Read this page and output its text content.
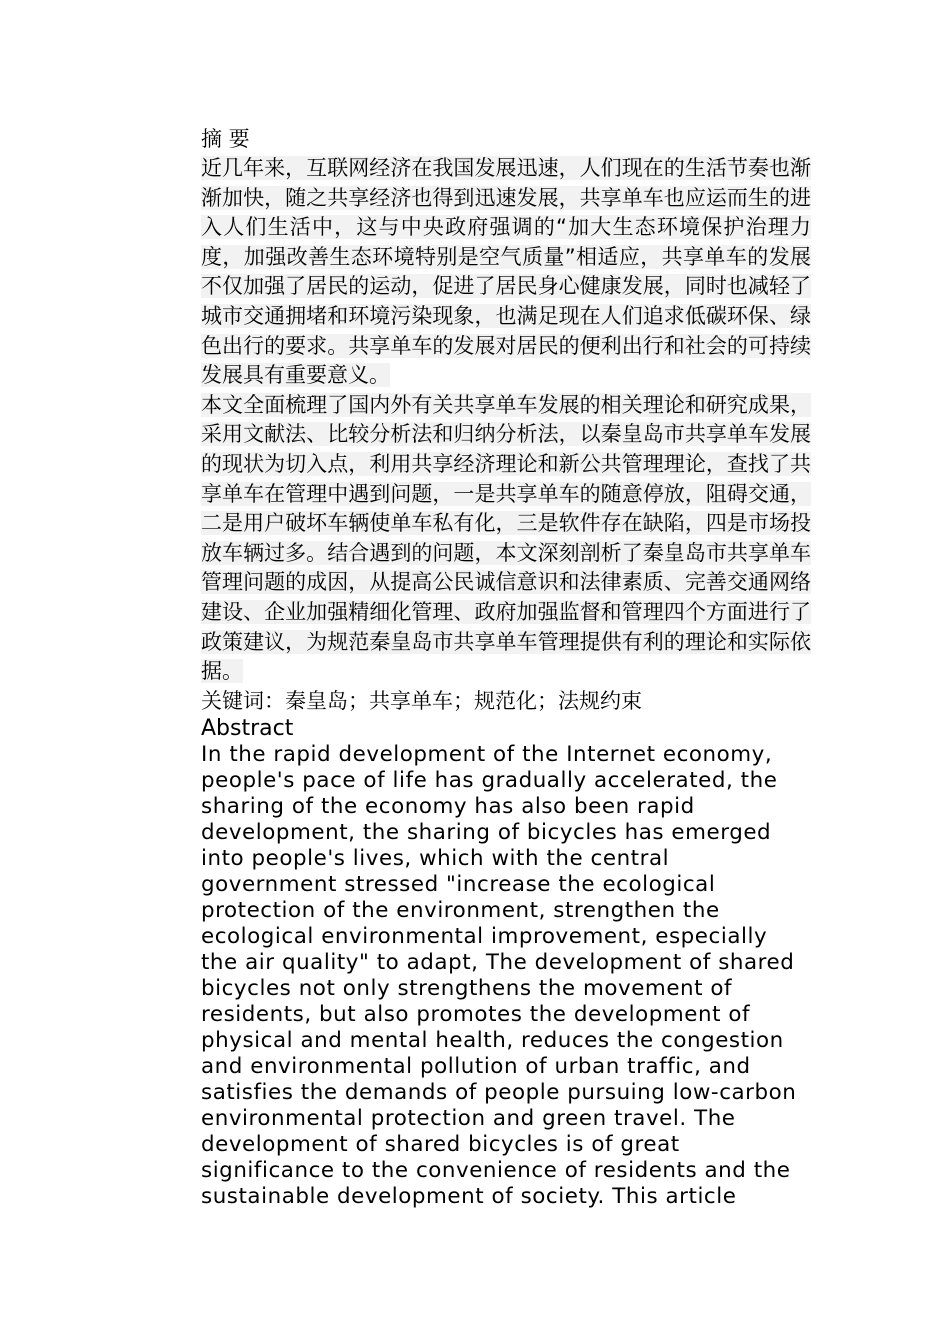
摘 要

近几年来，互联网经济在我国发展迅速，人们现在的生活节奏也渐渐加快，随之共享经济也得到迅速发展，共享单车也应运而生的进入人们生活中，这与中央政府强调的“加大生态环境保护治理力度，加强改善生态环境特别是空气质量”相适应，共享单车的发展不仅加强了居民的运动，促进了居民身心健康发展，同时也减轻了城市交通拥堵和环境污染现象，也满足现在人们追求低碳环保、绿色出行的要求。共享单车的发展对居民的便利出行和社会的可持续发展具有重要意义。

本文全面梳理了国内外有关共享单车发展的相关理论和研究成果，采用文献法、比较分析法和归纳分析法，以秦皇岛市共享单车发展的现状为切入点，利用共享经济理论和新公共管理理论，查找了共享单车在管理中遇到问题，一是共享单车的随意停放，阻碍交通，二是用户破坏车辆使单车私有化，三是软件存在缺陷，四是市场投放车辆过多。结合遇到的问题，本文深刻剖析了秦皇岛市共享单车管理问题的成因，从提高公民诚信意识和法律素质、完善交通网络建设、企业加强精细化管理、政府加强监督和管理四个方面进行了政策建议，为规范秦皇岛市共享单车管理提供有利的理论和实际依据。

关键词：秦皇岛；共享单车；规范化；法规约束
Abstract
In the rapid development of the Internet economy,
people's pace of life has gradually accelerated, the
sharing of the economy has also been rapid
development, the sharing of bicycles has emerged
into people's lives, which with the central
government stressed "increase the ecological
protection of the environment, strengthen the
ecological environmental improvement, especially
the air quality" to adapt, The development of shared
bicycles not only strengthens the movement of
residents, but also promotes the development of
physical and mental health, reduces the congestion
and environmental pollution of urban traffic, and
satisfies the demands of people pursuing low-carbon
environmental protection and green travel. The
development of shared bicycles is of great
significance to the convenience of residents and the
sustainable development of society. This article
